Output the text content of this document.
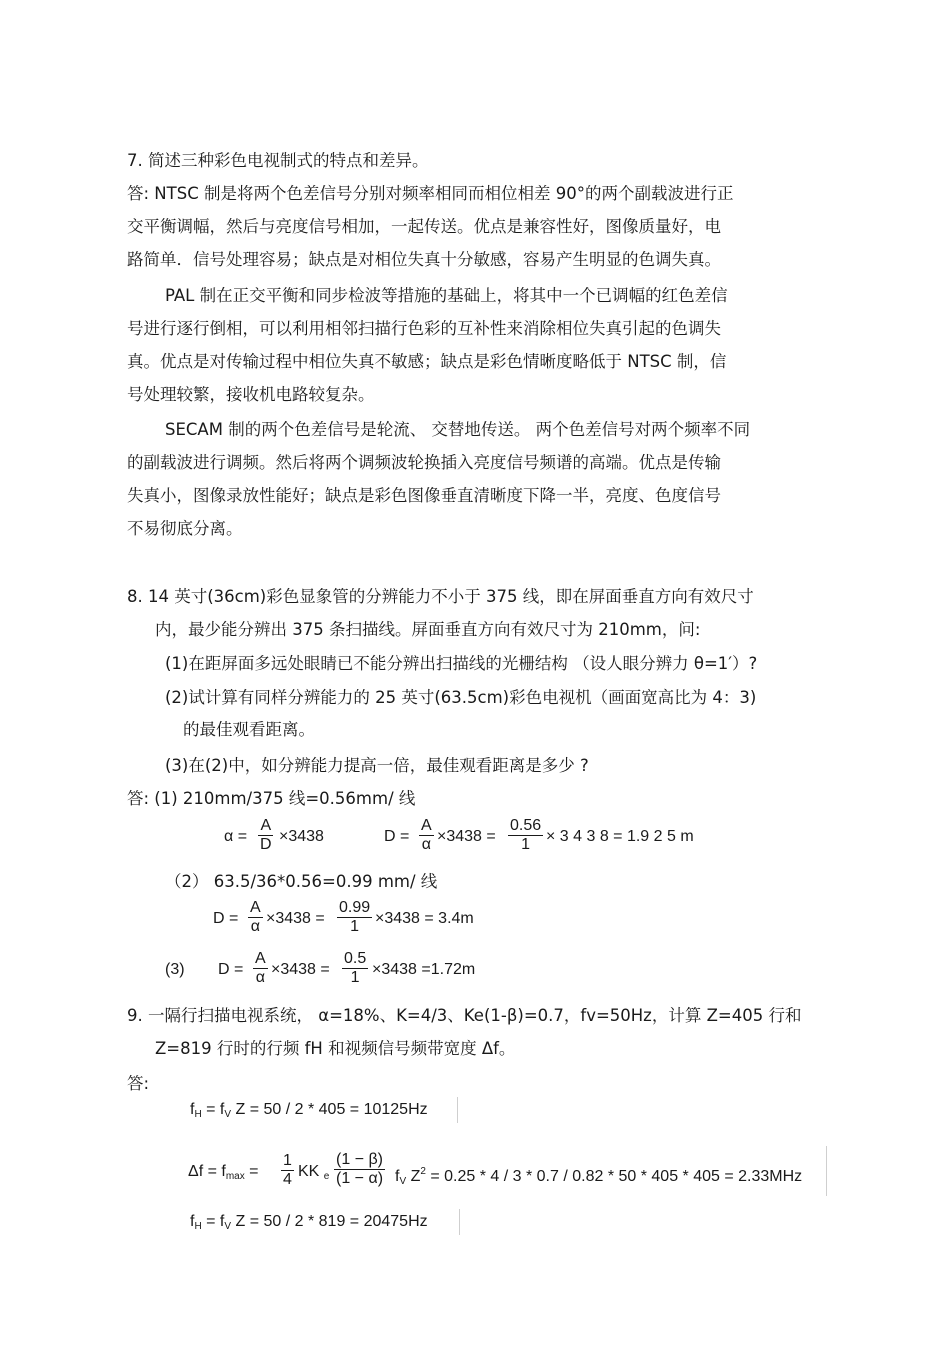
7. 简述三种彩色电视制式的特点和差异。
答: NTSC 制是将两个色差信号分别对频率相同而相位相差 90°的两个副载波进行正
交平衡调幅，然后与亮度信号相加，一起传送。优点是兼容性好，图像质量好，电
路简单．信号处理容易；缺点是对相位失真十分敏感，容易产生明显的色调失真。
PAL 制在正交平衡和同步检波等措施的基础上，将其中一个已调幅的红色差信
号进行逐行倒相，可以利用相邻扫描行色彩的互补性来消除相位失真引起的色调失
真。优点是对传输过程中相位失真不敏感；缺点是彩色情晰度略低于 NTSC 制，信
号处理较繁，接收机电路较复杂。
SECAM 制的两个色差信号是轮流、 交替地传送。 两个色差信号对两个频率不同
的副载波进行调频。然后将两个调频波轮换插入亮度信号频谱的高端。优点是传输
失真小，图像录放性能好；缺点是彩色图像垂直清晰度下降一半，亮度、色度信号
不易彻底分离。
8. 14 英寸(36cm)彩色显象管的分辨能力不小于 375 线，即在屏面垂直方向有效尺寸
内，最少能分辨出 375 条扫描线。屏面垂直方向有效尺寸为 210mm，问:
(1)在距屏面多远处眼睛已不能分辨出扫描线的光栅结构 （设人眼分辨力 θ=1′）?
(2)试计算有同样分辨能力的 25 英寸(63.5cm)彩色电视机（画面宽高比为 4：3)
的最佳观看距离。
(3)在(2)中，如分辨能力提高一倍，最佳观看距离是多少 ?
答: (1) 210mm/375 线=0.56mm/ 线
$\alpha = \frac{A}{D} \times 3438$	$D = \frac{A}{\alpha} \times 3438 = \frac{0.56}{1} \times 3$ 4 3 8 = 1.9 2 5 m
（2） 63.5/36*0.56=0.99 mm/ 线
$D = \frac{A}{\alpha} \times 3438 = \frac{0.99}{1} \times 3438 = 3.4m$
(3) $D = \frac{A}{\alpha} \times 3438 = \frac{0.5}{1} \times 3438 =1.72m$
9. 一隔行扫描电视系统， α=18%、K=4/3、Ke(1-β)=0.7，fv=50Hz，计算 Z=405 行和
Z=819 行时的行频 fH 和视频信号频带宽度 Δf。
答:
$f_H = f_V$ Z = 50 / 2 * 405 = 10125Hz
$\Delta f = f_{max} = \frac{1}{4}$ KK $_e \frac{(1 - \beta)}{(1 - \alpha)} f_V$ $Z^2 = 0.25 * 4 / 3 * 0.7 / 0.82 * 50 * 405 * 405 = 2.33MHz$
$f_H = f_V$ Z = 50 / 2 * 819 = 20475Hz
